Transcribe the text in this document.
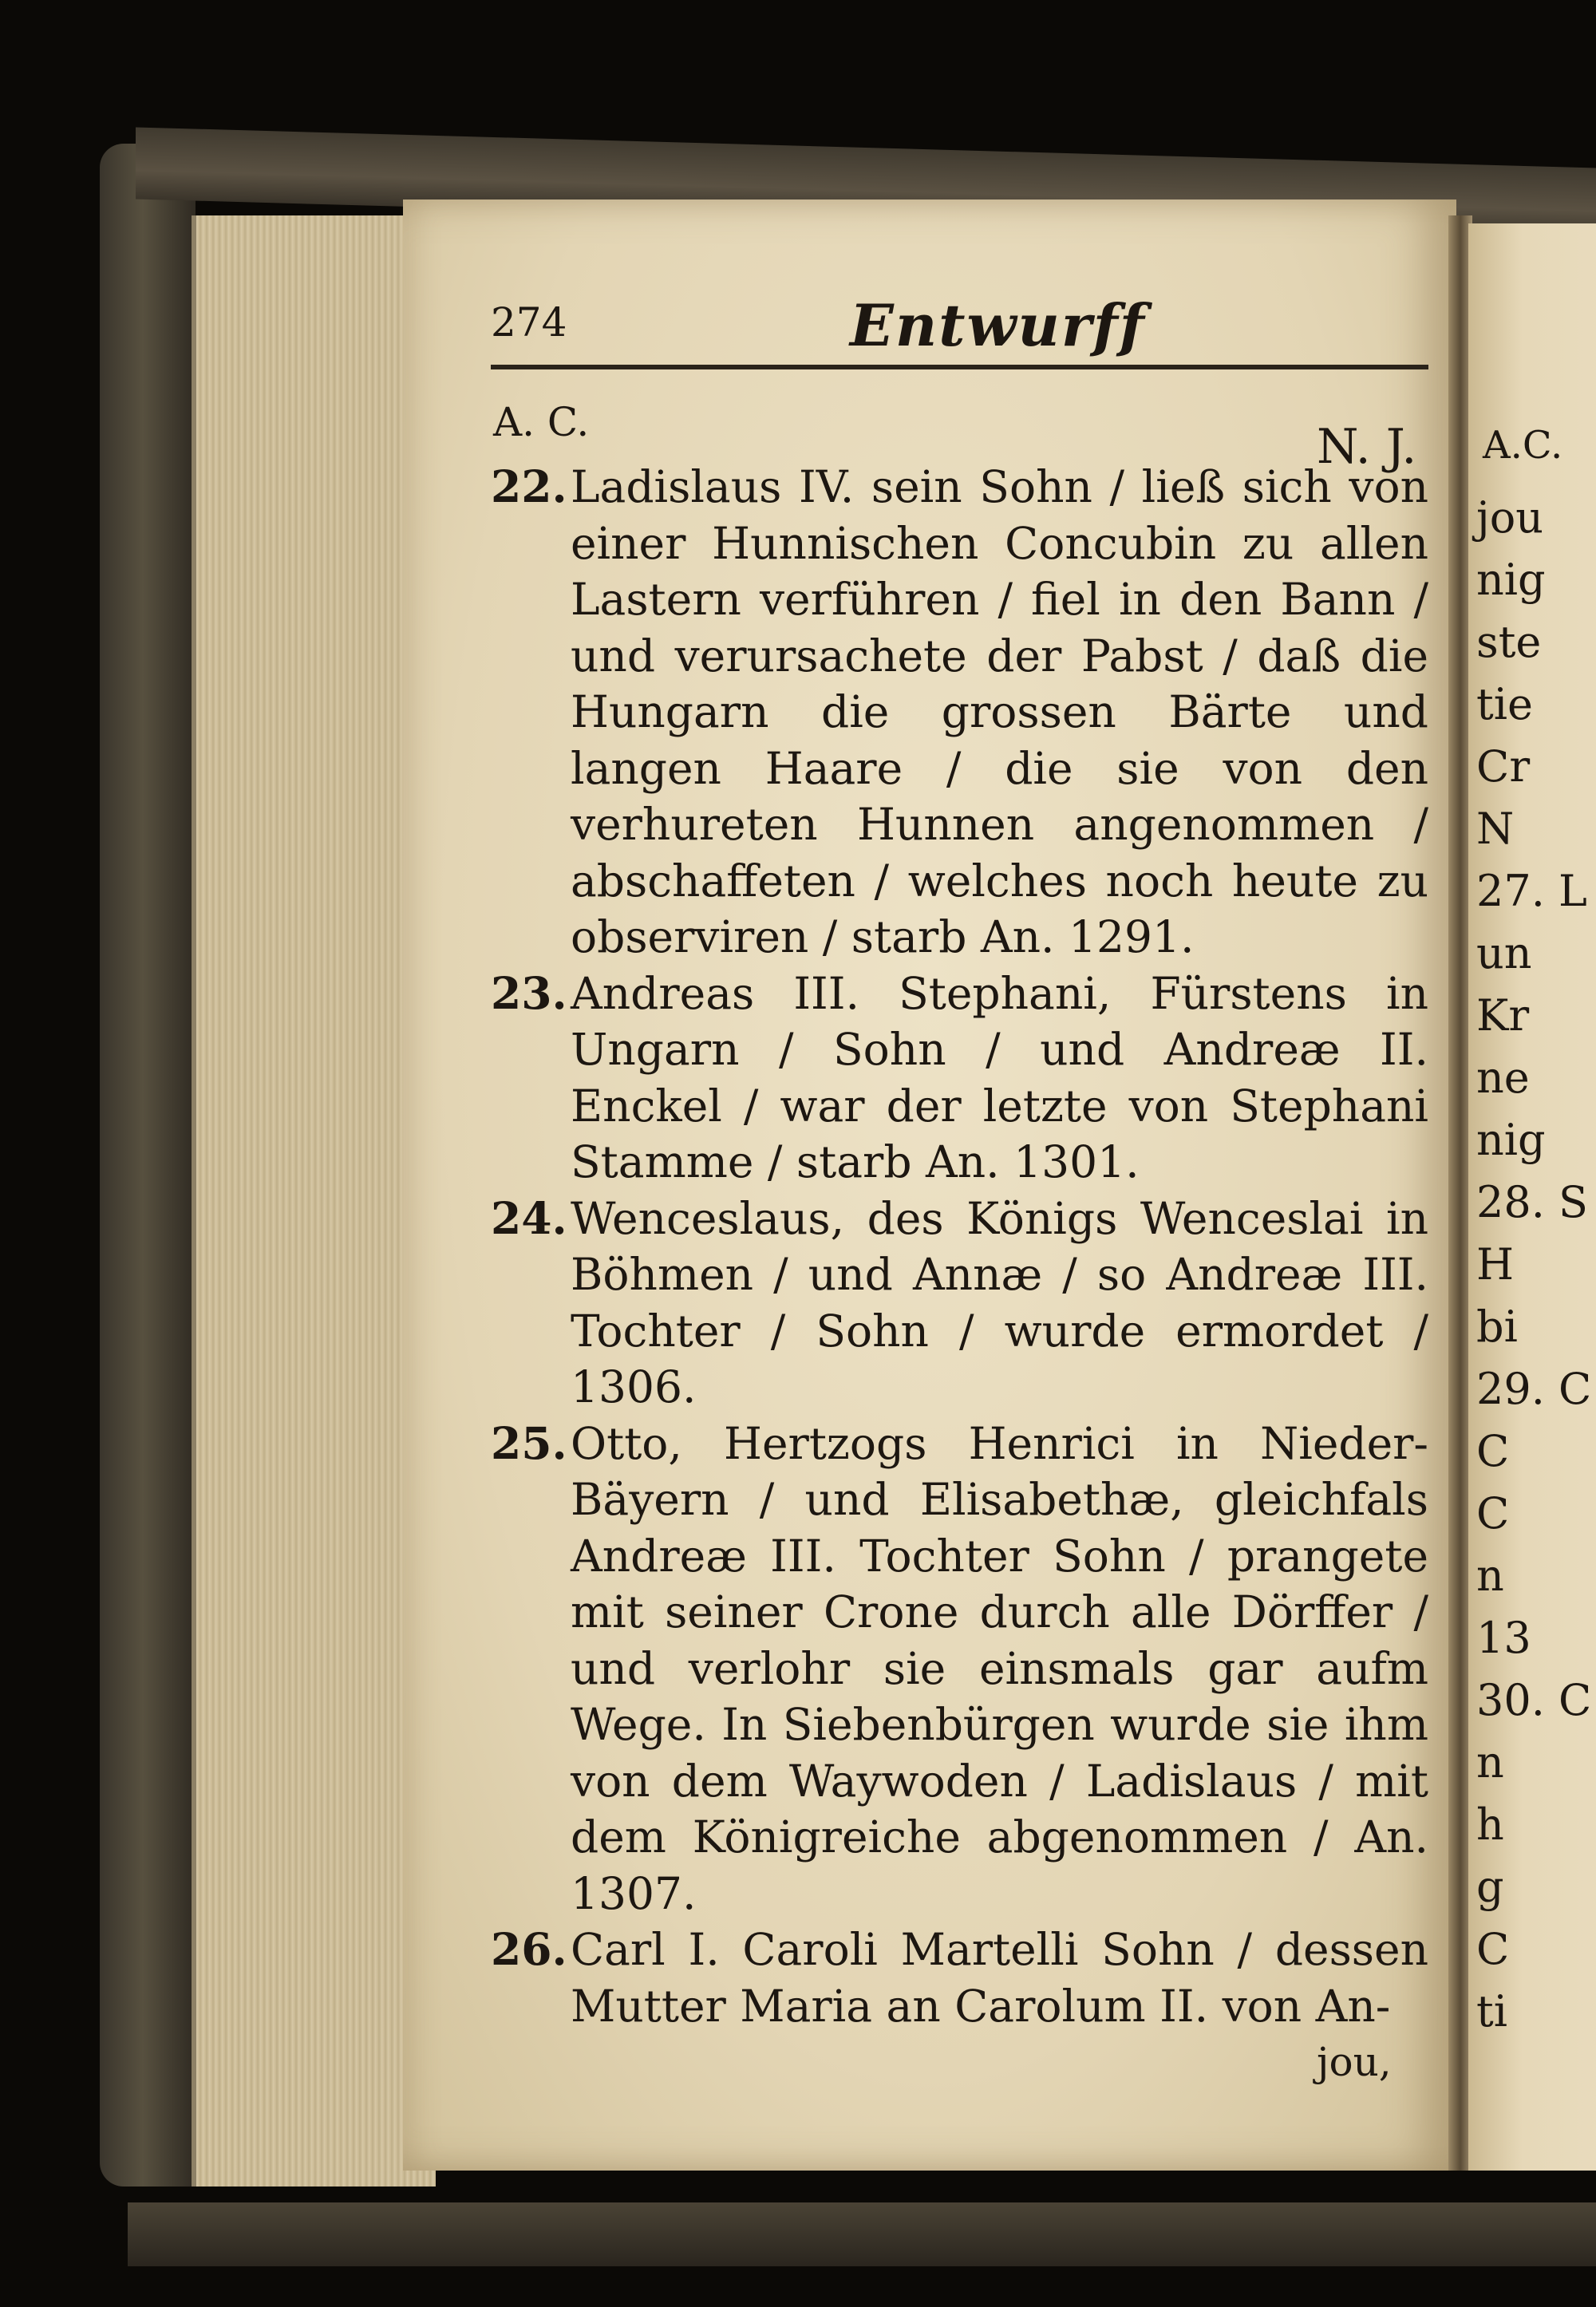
274	Entwurff
A. C.	N. J.

22.Ladislaus IV. sein Sohn / ließ sich von einer Hunnischen Concubin zu allen Lastern verführen / fiel in den Bann / und verursachete der Pabst / daß die Hungarn die grossen Bärte und langen Haare / die sie von den verhureten Hunnen angenommen / abschaffeten / welches noch heute zu observiren / starb An. 1291.

23.Andreas III. Stephani, Fürstens in Ungarn / Sohn / und Andreæ II. Enckel / war der letzte von Stephani Stamme / starb An. 1301.

24.Wenceslaus, des Königs Wenceslai in Böhmen / und Annæ / so Andreæ III. Tochter / Sohn / wurde ermordet / 1306.

25.Otto, Hertzogs Henrici in Nieder-Bäyern / und Elisabethæ, gleichfals Andreæ III. Tochter Sohn / prangete mit seiner Crone durch alle Dörffer / und verlohr sie einsmals gar aufm Wege. In Siebenbürgen wurde sie ihm von dem Waywoden / Ladislaus / mit dem Königreiche abgenommen / An. 1307.

26.Carl I. Caroli Martelli Sohn / dessen Mutter Maria an Carolum II. von An-

jou,
A.C.
jou
nig
ste
tie
Cr
N
27. L
un
Kr
ne
nig
28. S
H
bi
29. C
C
C
n
13
30. C
n
h
g
C
ti
